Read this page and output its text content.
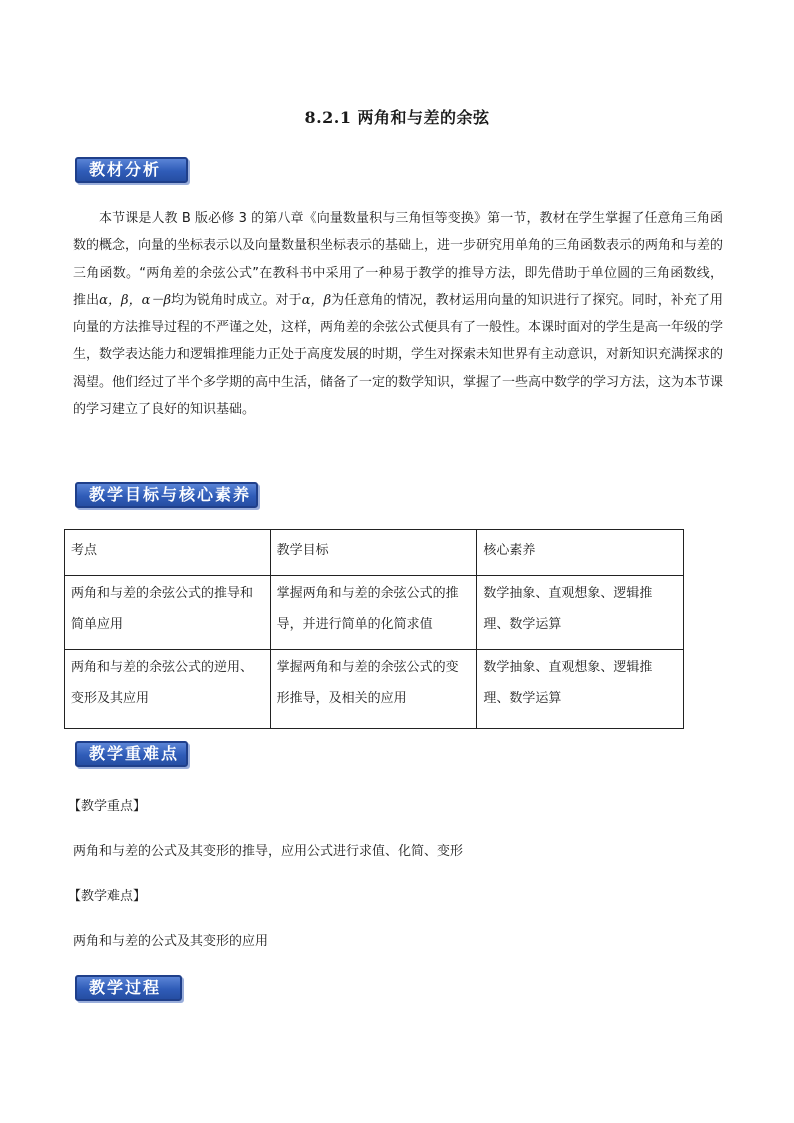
8.2.1 两角和与差的余弦
教材分析

本节课是人教 B 版必修 3 的第八章《向量数量积与三角恒等变换》第一节，教材在学生掌握了任意角三角函数的概念，向量的坐标表示以及向量数量积坐标表示的基础上，进一步研究用单角的三角函数表示的两角和与差的三角函数。“两角差的余弦公式”在教科书中采用了一种易于教学的推导方法，即先借助于单位圆的三角函数线，推出α，β，α－β均为锐角时成立。对于α，β为任意角的情况，教材运用向量的知识进行了探究。同时，补充了用向量的方法推导过程的不严谨之处，这样，两角差的余弦公式便具有了一般性。本课时面对的学生是高一年级的学生，数学表达能力和逻辑推理能力正处于高度发展的时期，学生对探索未知世界有主动意识，对新知识充满探求的渴望。他们经过了半个多学期的高中生活，储备了一定的数学知识，掌握了一些高中数学的学习方法，这为本节课的学习建立了良好的知识基础。

教学目标与核心素养
考点	教学目标	核心素养
两角和与差的余弦公式的推导和简单应用	掌握两角和与差的余弦公式的推导，并进行简单的化简求值	数学抽象、直观想象、逻辑推理、数学运算
两角和与差的余弦公式的逆用、变形及其应用	掌握两角和与差的余弦公式的变形推导，及相关的应用	数学抽象、直观想象、逻辑推理、数学运算
教学重难点
【教学重点】
两角和与差的公式及其变形的推导，应用公式进行求值、化简、变形
【教学难点】
两角和与差的公式及其变形的应用
教学过程
